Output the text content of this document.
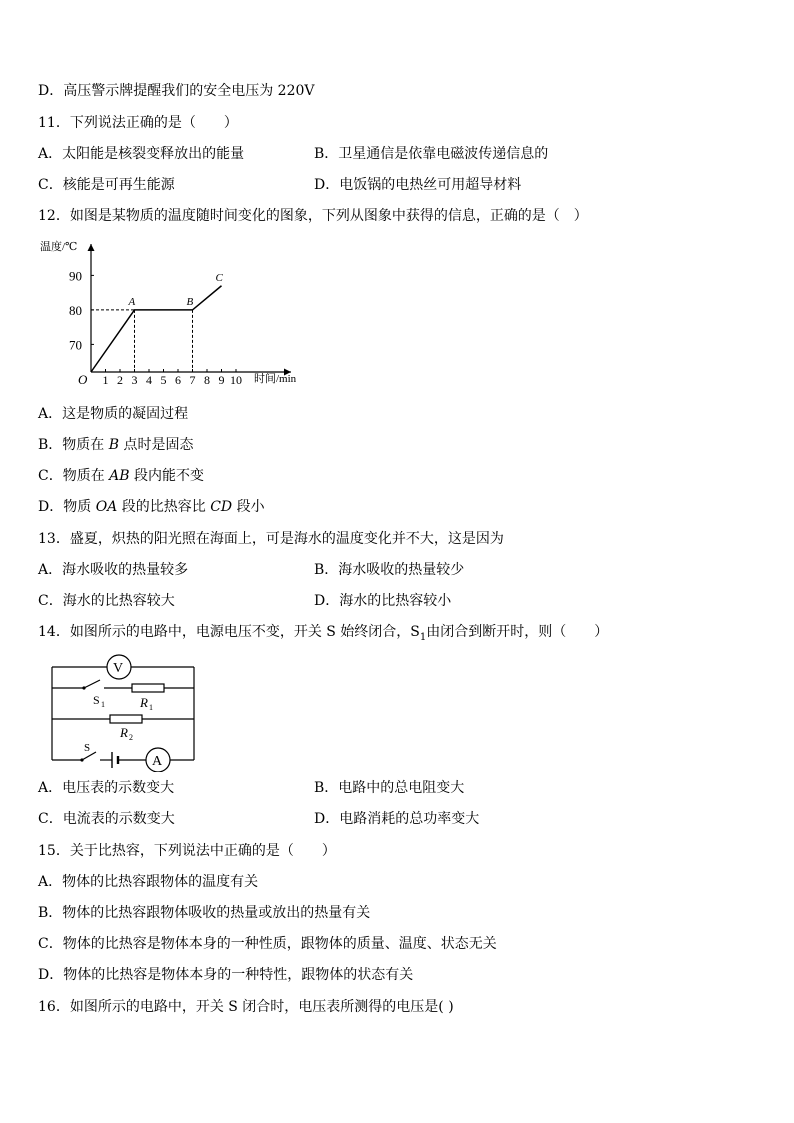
D．高压警示牌提醒我们的安全电压为 220V
11．下列说法正确的是（　　）
A．太阳能是核裂变释放出的能量	B．卫星通信是依靠电磁波传递信息的
C．核能是可再生能源	D．电饭锅的电热丝可用超导材料
12．如图是某物质的温度随时间变化的图象，下列从图象中获得的信息，正确的是（　）
温度/℃
时间/min
O 1 2 3 4 5 6 7 8 9 10
70
80
90
A	B
C
A．这是物质的凝固过程
B．物质在 B 点时是固态
C．物质在 AB 段内能不变
D．物质 OA 段的比热容比 CD 段小
13．盛夏，炽热的阳光照在海面上，可是海水的温度变化并不大，这是因为
A．海水吸收的热量较多	B．海水吸收的热量较少
C．海水的比热容较大	D．海水的比热容较小
14．如图所示的电路中，电源电压不变，开关 S 始终闭合，$S_1$由闭合到断开时，则（　　）
V
S 1	R 1
R 2
S
A
A．电压表的示数变大	B．电路中的总电阻变大
C．电流表的示数变大	D．电路消耗的总功率变大
15．关于比热容，下列说法中正确的是（　　）
A．物体的比热容跟物体的温度有关
B．物体的比热容跟物体吸收的热量或放出的热量有关
C．物体的比热容是物体本身的一种性质，跟物体的质量、温度、状态无关
D．物体的比热容是物体本身的一种特性，跟物体的状态有关
16．如图所示的电路中，开关 S 闭合时，电压表所测得的电压是( )
